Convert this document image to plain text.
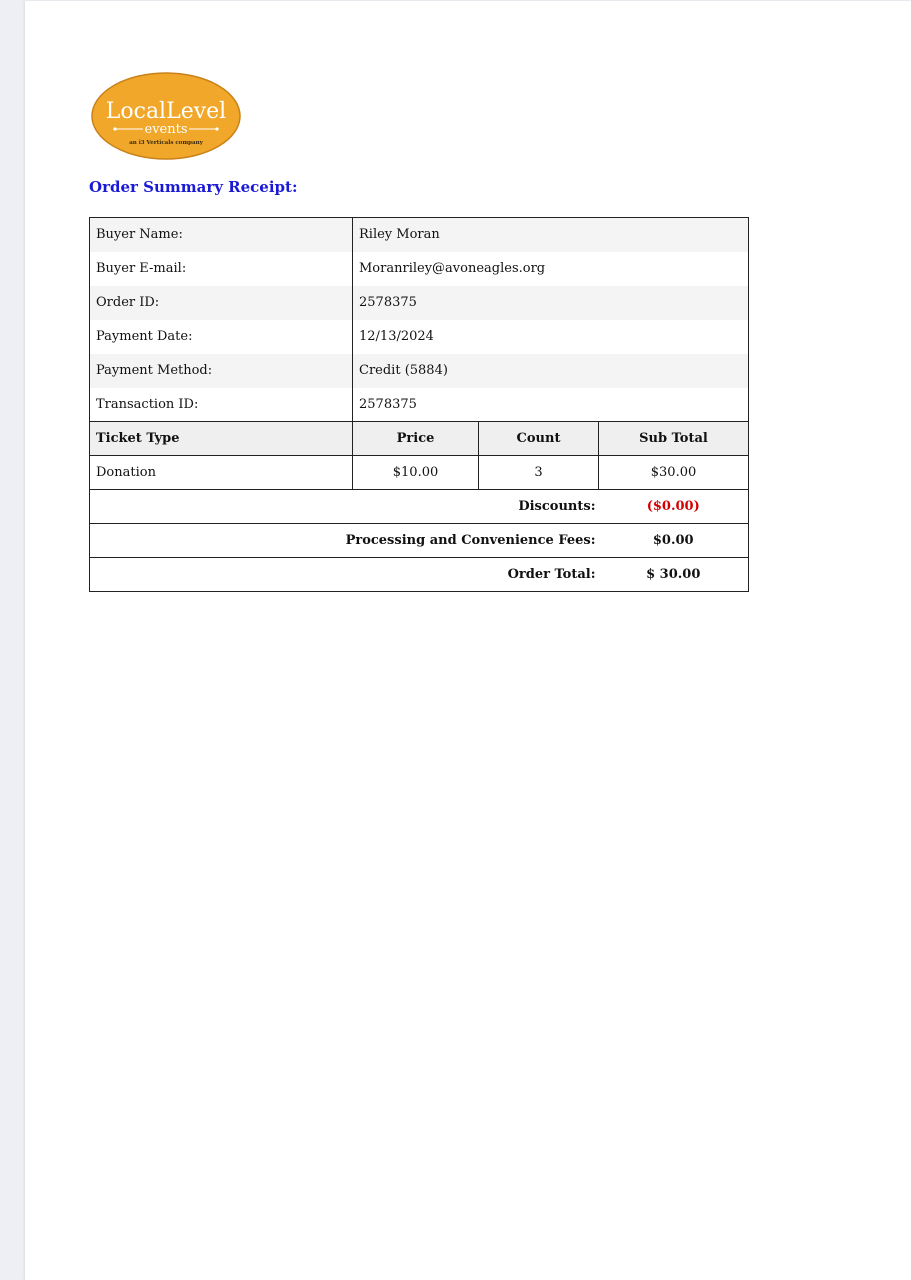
LocalLevel
events
an i3 Verticals company
Order Summary Receipt:
Buyer Name:	Riley Moran		
Buyer E-mail:	Moranriley@avoneagles.org		
Order ID:	2578375		
Payment Date:	12/13/2024		
Payment Method:	Credit (5884)		
Transaction ID:	2578375		
Ticket Type	Price	Count	Sub Total
Donation	$10.00	3	$30.00
Discounts:			($0.00)
Processing and Convenience Fees:			$0.00
Order Total:			$ 30.00
